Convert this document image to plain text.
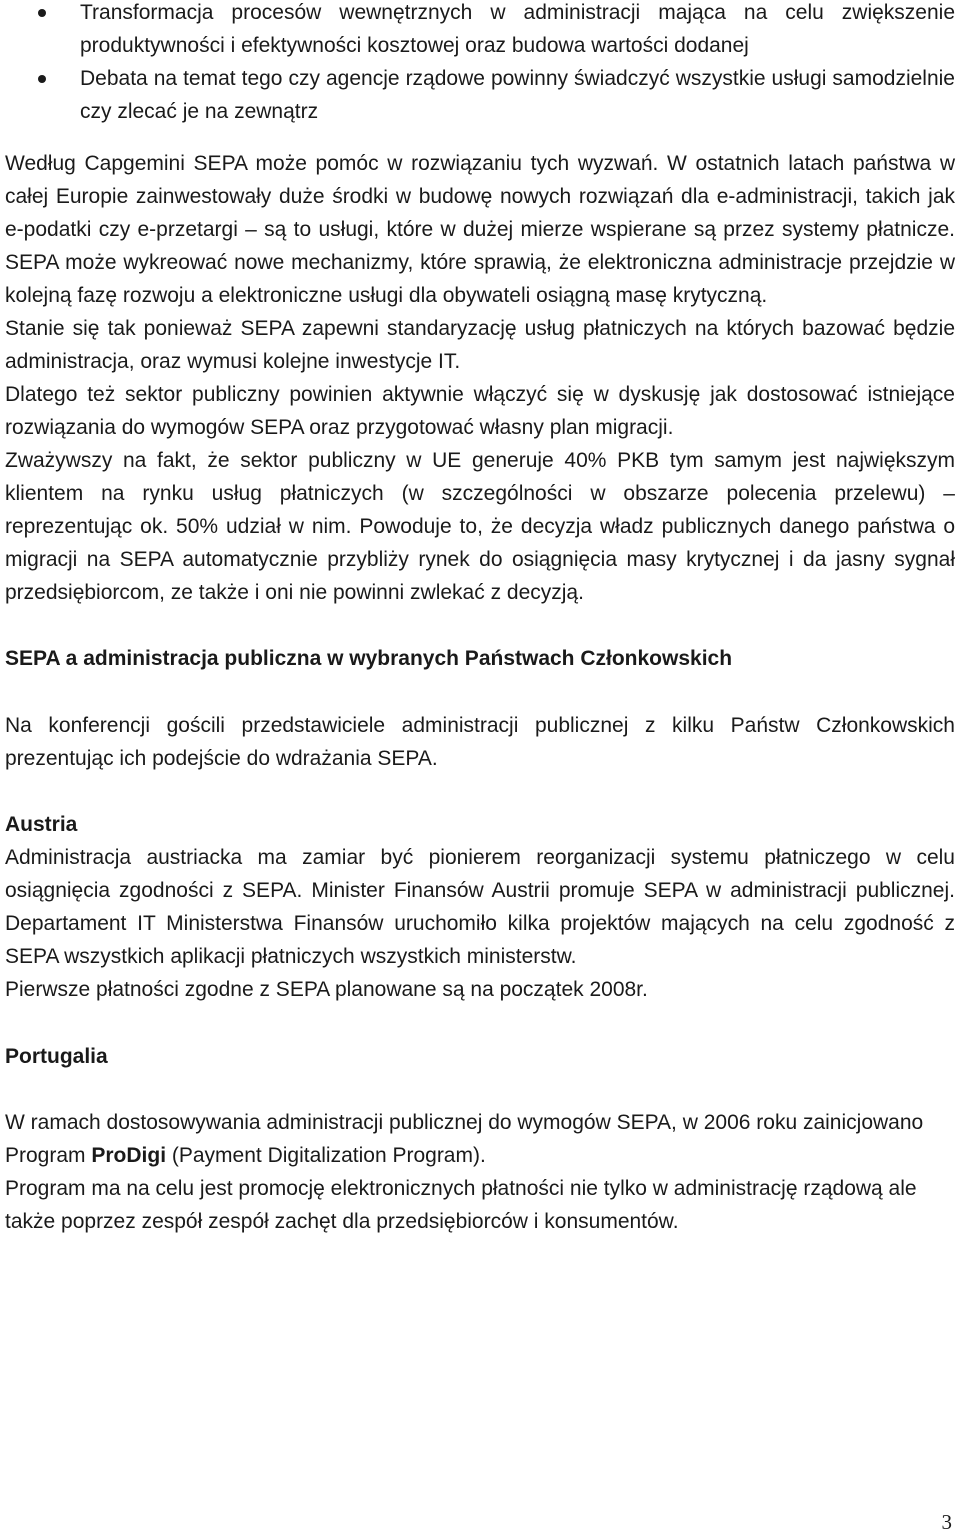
Transformacja procesów wewnętrznych w administracji mająca na celu zwiększenie produktywności i efektywności kosztowej oraz budowa wartości dodanej
Debata na temat tego czy agencje rządowe powinny świadczyć wszystkie usługi samodzielnie czy zlecać je na zewnątrz

Według Capgemini SEPA może pomóc w rozwiązaniu tych wyzwań. W ostatnich latach państwa w całej Europie zainwestowały duże środki w budowę nowych rozwiązań dla e-administracji, takich jak e-podatki czy e-przetargi – są to usługi, które w dużej mierze wspierane są przez systemy płatnicze. SEPA może wykreować nowe mechanizmy, które sprawią, że elektroniczna administracje przejdzie w kolejną fazę rozwoju a elektroniczne usługi dla obywateli osiągną masę krytyczną.

Stanie się tak ponieważ SEPA zapewni standaryzację usług płatniczych na których bazować będzie administracja, oraz wymusi kolejne inwestycje IT.

Dlatego też sektor publiczny powinien aktywnie włączyć się w dyskusję jak dostosować istniejące rozwiązania do wymogów SEPA oraz przygotować własny plan migracji.

Zważywszy na fakt, że sektor publiczny w UE generuje 40% PKB tym samym jest największym klientem na rynku usług płatniczych (w szczególności w obszarze polecenia przelewu) – reprezentując ok. 50% udział w nim. Powoduje to, że decyzja władz publicznych danego państwa o migracji na SEPA automatycznie przybliży rynek do osiągnięcia masy krytycznej i da jasny sygnał przedsiębiorcom, ze także i oni nie powinni zwlekać z decyzją.

SEPA a administracja publiczna w wybranych Państwach Członkowskich

Na konferencji gościli przedstawiciele administracji publicznej z kilku Państw Członkowskich prezentując ich podejście do wdrażania SEPA.

Austria

Administracja austriacka ma zamiar być pionierem reorganizacji systemu płatniczego w celu osiągnięcia zgodności z SEPA. Minister Finansów Austrii promuje SEPA w administracji publicznej. Departament IT Ministerstwa Finansów uruchomiło kilka projektów mających na celu zgodność z SEPA wszystkich aplikacji płatniczych wszystkich ministerstw.

Pierwsze płatności zgodne z SEPA planowane są na początek 2008r.

Portugalia

W ramach dostosowywania administracji publicznej do wymogów SEPA, w 2006 roku zainicjowano Program ProDigi (Payment Digitalization Program).

Program ma na celu jest promocję elektronicznych płatności nie tylko w administrację rządową ale także poprzez zespół zespół zachęt dla przedsiębiorców i konsumentów.

3
